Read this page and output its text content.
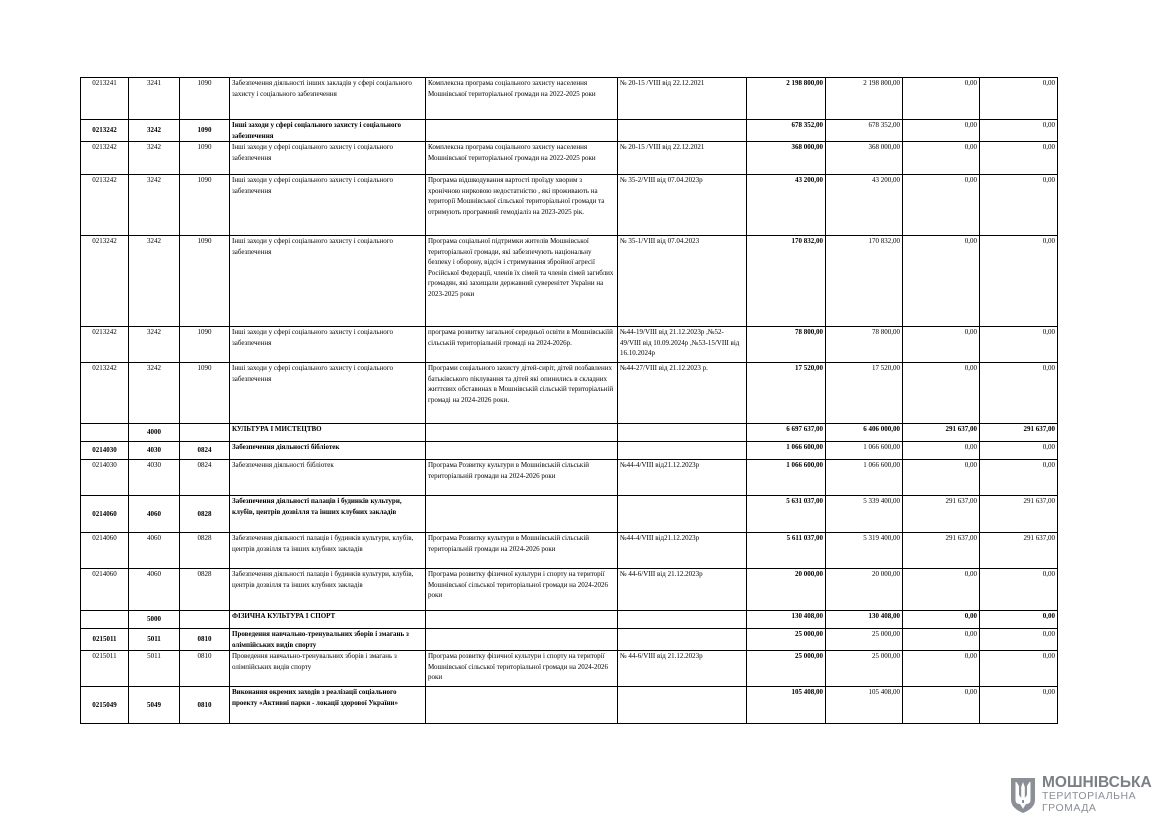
0213241	3241	1090	Забезпечення діяльності інших закладів у сфері соціального захисту і соціального забезпечення	Комплексна програма соціального захисту населення Мошнівської територіальної громади на 2022-2025 роки	№ 20-15 /VIII від 22.12.2021	2 198 800,00	2 198 800,00	0,00	0,00
0213242	3242	1090	Інші заходи у сфері соціального захисту і соціального забезпечення			678 352,00	678 352,00	0,00	0,00
0213242	3242	1090	Інші заходи у сфері соціального захисту і соціального забезпечення	Комплексна програма соціального захисту населення Мошнівської територіальної громади на 2022-2025 роки	№ 20-15 /VIII від 22.12.2021	368 000,00	368 000,00	0,00	0,00
0213242	3242	1090	Інші заходи у сфері соціального захисту і соціального забезпечення	Програма відшкодування вартості проїзду хворим з хронічною нирковою недостатністю , які проживають на території Мошнівської сільської територіальної громади та отримують програмний гемодіаліз на 2023-2025 рік.	№ 35-2/VIII від 07.04.2023р	43 200,00	43 200,00	0,00	0,00
0213242	3242	1090	Інші заходи у сфері соціального захисту і соціального забезпечення	Програма соціальної підтримки жителів Мошнівської територіальної громади, які забезпечують національну безпеку і оборону, відсіч і стримування збройної агресії Російської Федерації, членів їх сімей та членів сімей загиблих громадян, які захищали державний суверенітет України на 2023-2025 роки	№ 35-1/VIII від 07.04.2023	170 832,00	170 832,00	0,00	0,00
0213242	3242	1090	Інші заходи у сфері соціального захисту і соціального забезпечення	програма розвитку загальної середньої освіти в Мошнівськіїй сільській територіальній громаді на 2024-2026р.	№44-19/VIII від 21.12.2023р ,№52-49/VIII від 10.09.2024р ,№53-15/VIII від 16.10.2024р	78 800,00	78 800,00	0,00	0,00
0213242	3242	1090	Інші заходи у сфері соціального захисту і соціального забезпечення	Програми соціального захисту дітей-сиріт, дітей позбавлених батьківського піклування та дітей які опинились в складних життєвих обставинах в Мошнівській сільській територіальній громаді на 2024-2026 роки.	№44-27/VIII від 21.12.2023 р.	17 520,00	17 520,00	0,00	0,00
	4000		КУЛЬТУРА І МИСТЕЦТВО			6 697 637,00	6 406 000,00	291 637,00	291 637,00
0214030	4030	0824	Забезпечення діяльності бібліотек			1 066 600,00	1 066 600,00	0,00	0,00
0214030	4030	0824	Забезпечення діяльності бібліотек	Програма Розвитку культури в Мошнівській сільській територіальній громади на 2024-2026 роки	№44-4/VIII від21.12.2023р	1 066 600,00	1 066 600,00	0,00	0,00
0214060	4060	0828	Забезпечення діяльності палаців i будинків культури, клубів, центрів дозвілля та iнших клубних закладів			5 631 037,00	5 339 400,00	291 637,00	291 637,00
0214060	4060	0828	Забезпечення діяльності палаців i будинків культури, клубів, центрів дозвілля та iнших клубних закладів	Програма Розвитку культури в Мошнівській сільській територіальній громади на 2024-2026 роки	№44-4/VIII від21.12.2023р	5 611 037,00	5 319 400,00	291 637,00	291 637,00
0214060	4060	0828	Забезпечення діяльності палаців i будинків культури, клубів, центрів дозвілля та iнших клубних закладів	Програма розвитку фізичної культури і спорту на території Мошнівської сільської територіальної громади на 2024-2026 роки	№ 44-6/VIII від 21.12.2023р	20 000,00	20 000,00	0,00	0,00
	5000		ФІЗИЧНА КУЛЬТУРА І СПОРТ			130 408,00	130 408,00	0,00	0,00
0215011	5011	0810	Проведення навчально-тренувальних зборів і змагань з олімпійських видів спорту			25 000,00	25 000,00	0,00	0,00
0215011	5011	0810	Проведення навчально-тренувальних зборів і змагань з олімпійських видів спорту	Програма розвитку фізичної культури і спорту на території Мошнівської сільської територіальної громади на 2024-2026 роки	№ 44-6/VIII від 21.12.2023р	25 000,00	25 000,00	0,00	0,00
0215049	5049	0810	Виконання окремих заходів з реалізації соціального проекту «Активні парки - локації здорової України»			105 408,00	105 408,00	0,00	0,00
МОШНІВСЬКА
ТЕРИТОРІАЛЬНА
ГРОМАДА
